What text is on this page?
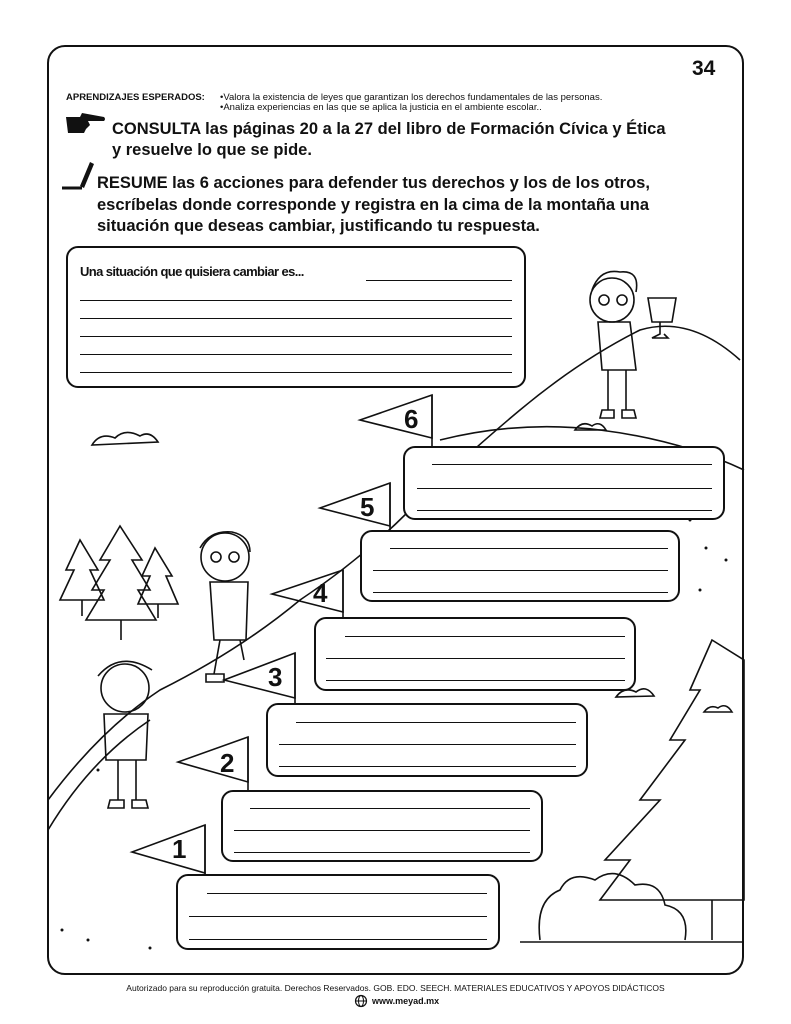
34
APRENDIZAJES ESPERADOS: •Valora la existencia de leyes que garantizan los derechos fundamentales de las personas.
•Analiza experiencias en las que se aplica la justicia en el ambiente escolar..
CONSULTA las páginas 20 a la 27 del libro de Formación Cívica y Ética
y resuelve lo que se pide.
RESUME las 6 acciones para defender tus derechos y los de los otros,
escríbelas donde corresponde y registra en la cima de la montaña una
situación que deseas cambiar, justificando tu respuesta.
Una situación que quisiera cambiar es...
6
5
4
3
2
1
Autorizado para su reproducción gratuita. Derechos Reservados. GOB. EDO. SEECH. MATERIALES EDUCATIVOS Y APOYOS DIDÁCTICOS
www.meyad.mx
